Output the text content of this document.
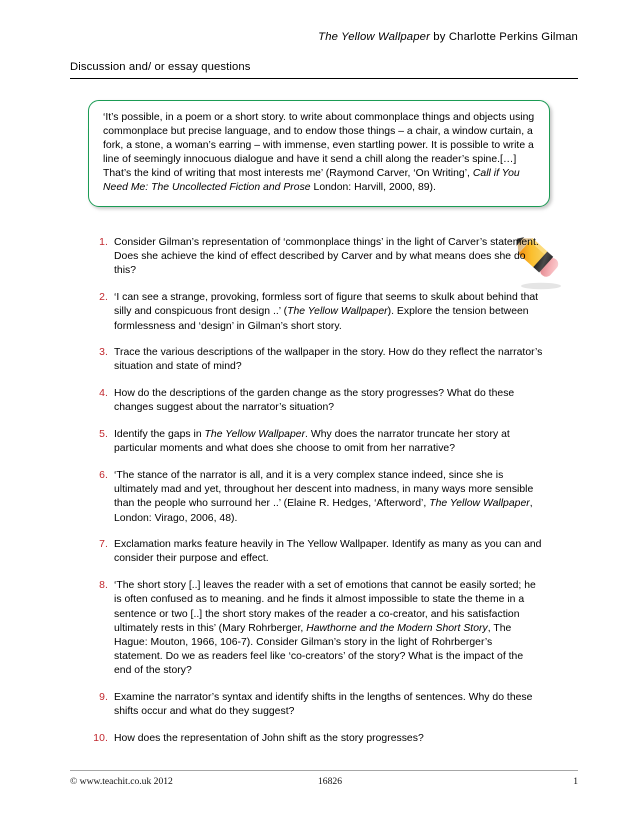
The Yellow Wallpaper by Charlotte Perkins Gilman
Discussion and/ or essay questions
‘It’s possible, in a poem or a short story. to write about commonplace things and objects using commonplace but precise language, and to endow those things – a chair, a window curtain, a fork, a stone, a woman’s earring – with immense, even startling power. It is possible to write a line of seemingly innocuous dialogue and have it send a chill along the reader’s spine.[…] That’s the kind of writing that most interests me’ (Raymond Carver, ‘On Writing’, Call if You Need Me: The Uncollected Fiction and Prose London: Harvill, 2000, 89).
1. Consider Gilman’s representation of ‘commonplace things’ in the light of Carver’s statement. Does she achieve the kind of effect described by Carver and by what means does she do this?
2. ‘I can see a strange, provoking, formless sort of figure that seems to skulk about behind that silly and conspicuous front design ..’ (The Yellow Wallpaper). Explore the tension between formlessness and ‘design’ in Gilman’s short story.
3. Trace the various descriptions of the wallpaper in the story. How do they reflect the narrator’s situation and state of mind?
4. How do the descriptions of the garden change as the story progresses? What do these changes suggest about the narrator’s situation?
5. Identify the gaps in The Yellow Wallpaper. Why does the narrator truncate her story at particular moments and what does she choose to omit from her narrative?
6. ‘The stance of the narrator is all, and it is a very complex stance indeed, since she is ultimately mad and yet, throughout her descent into madness, in many ways more sensible than the people who surround her ..’ (Elaine R. Hedges, ‘Afterword’, The Yellow Wallpaper, London: Virago, 2006, 48).
7. Exclamation marks feature heavily in The Yellow Wallpaper. Identify as many as you can and consider their purpose and effect.
8. ‘The short story [..] leaves the reader with a set of emotions that cannot be easily sorted; he is often confused as to meaning. and he finds it almost impossible to state the theme in a sentence or two [..] the short story makes of the reader a co-creator, and his satisfaction ultimately rests in this’ (Mary Rohrberger, Hawthorne and the Modern Short Story, The Hague: Mouton, 1966, 106-7). Consider Gilman’s story in the light of Rohrberger’s statement. Do we as readers feel like ‘co-creators’ of the story? What is the impact of the end of the story?
9. Examine the narrator’s syntax and identify shifts in the lengths of sentences. Why do these shifts occur and what do they suggest?
10. How does the representation of John shift as the story progresses?
© www.teachit.co.uk 2012	16826	1
